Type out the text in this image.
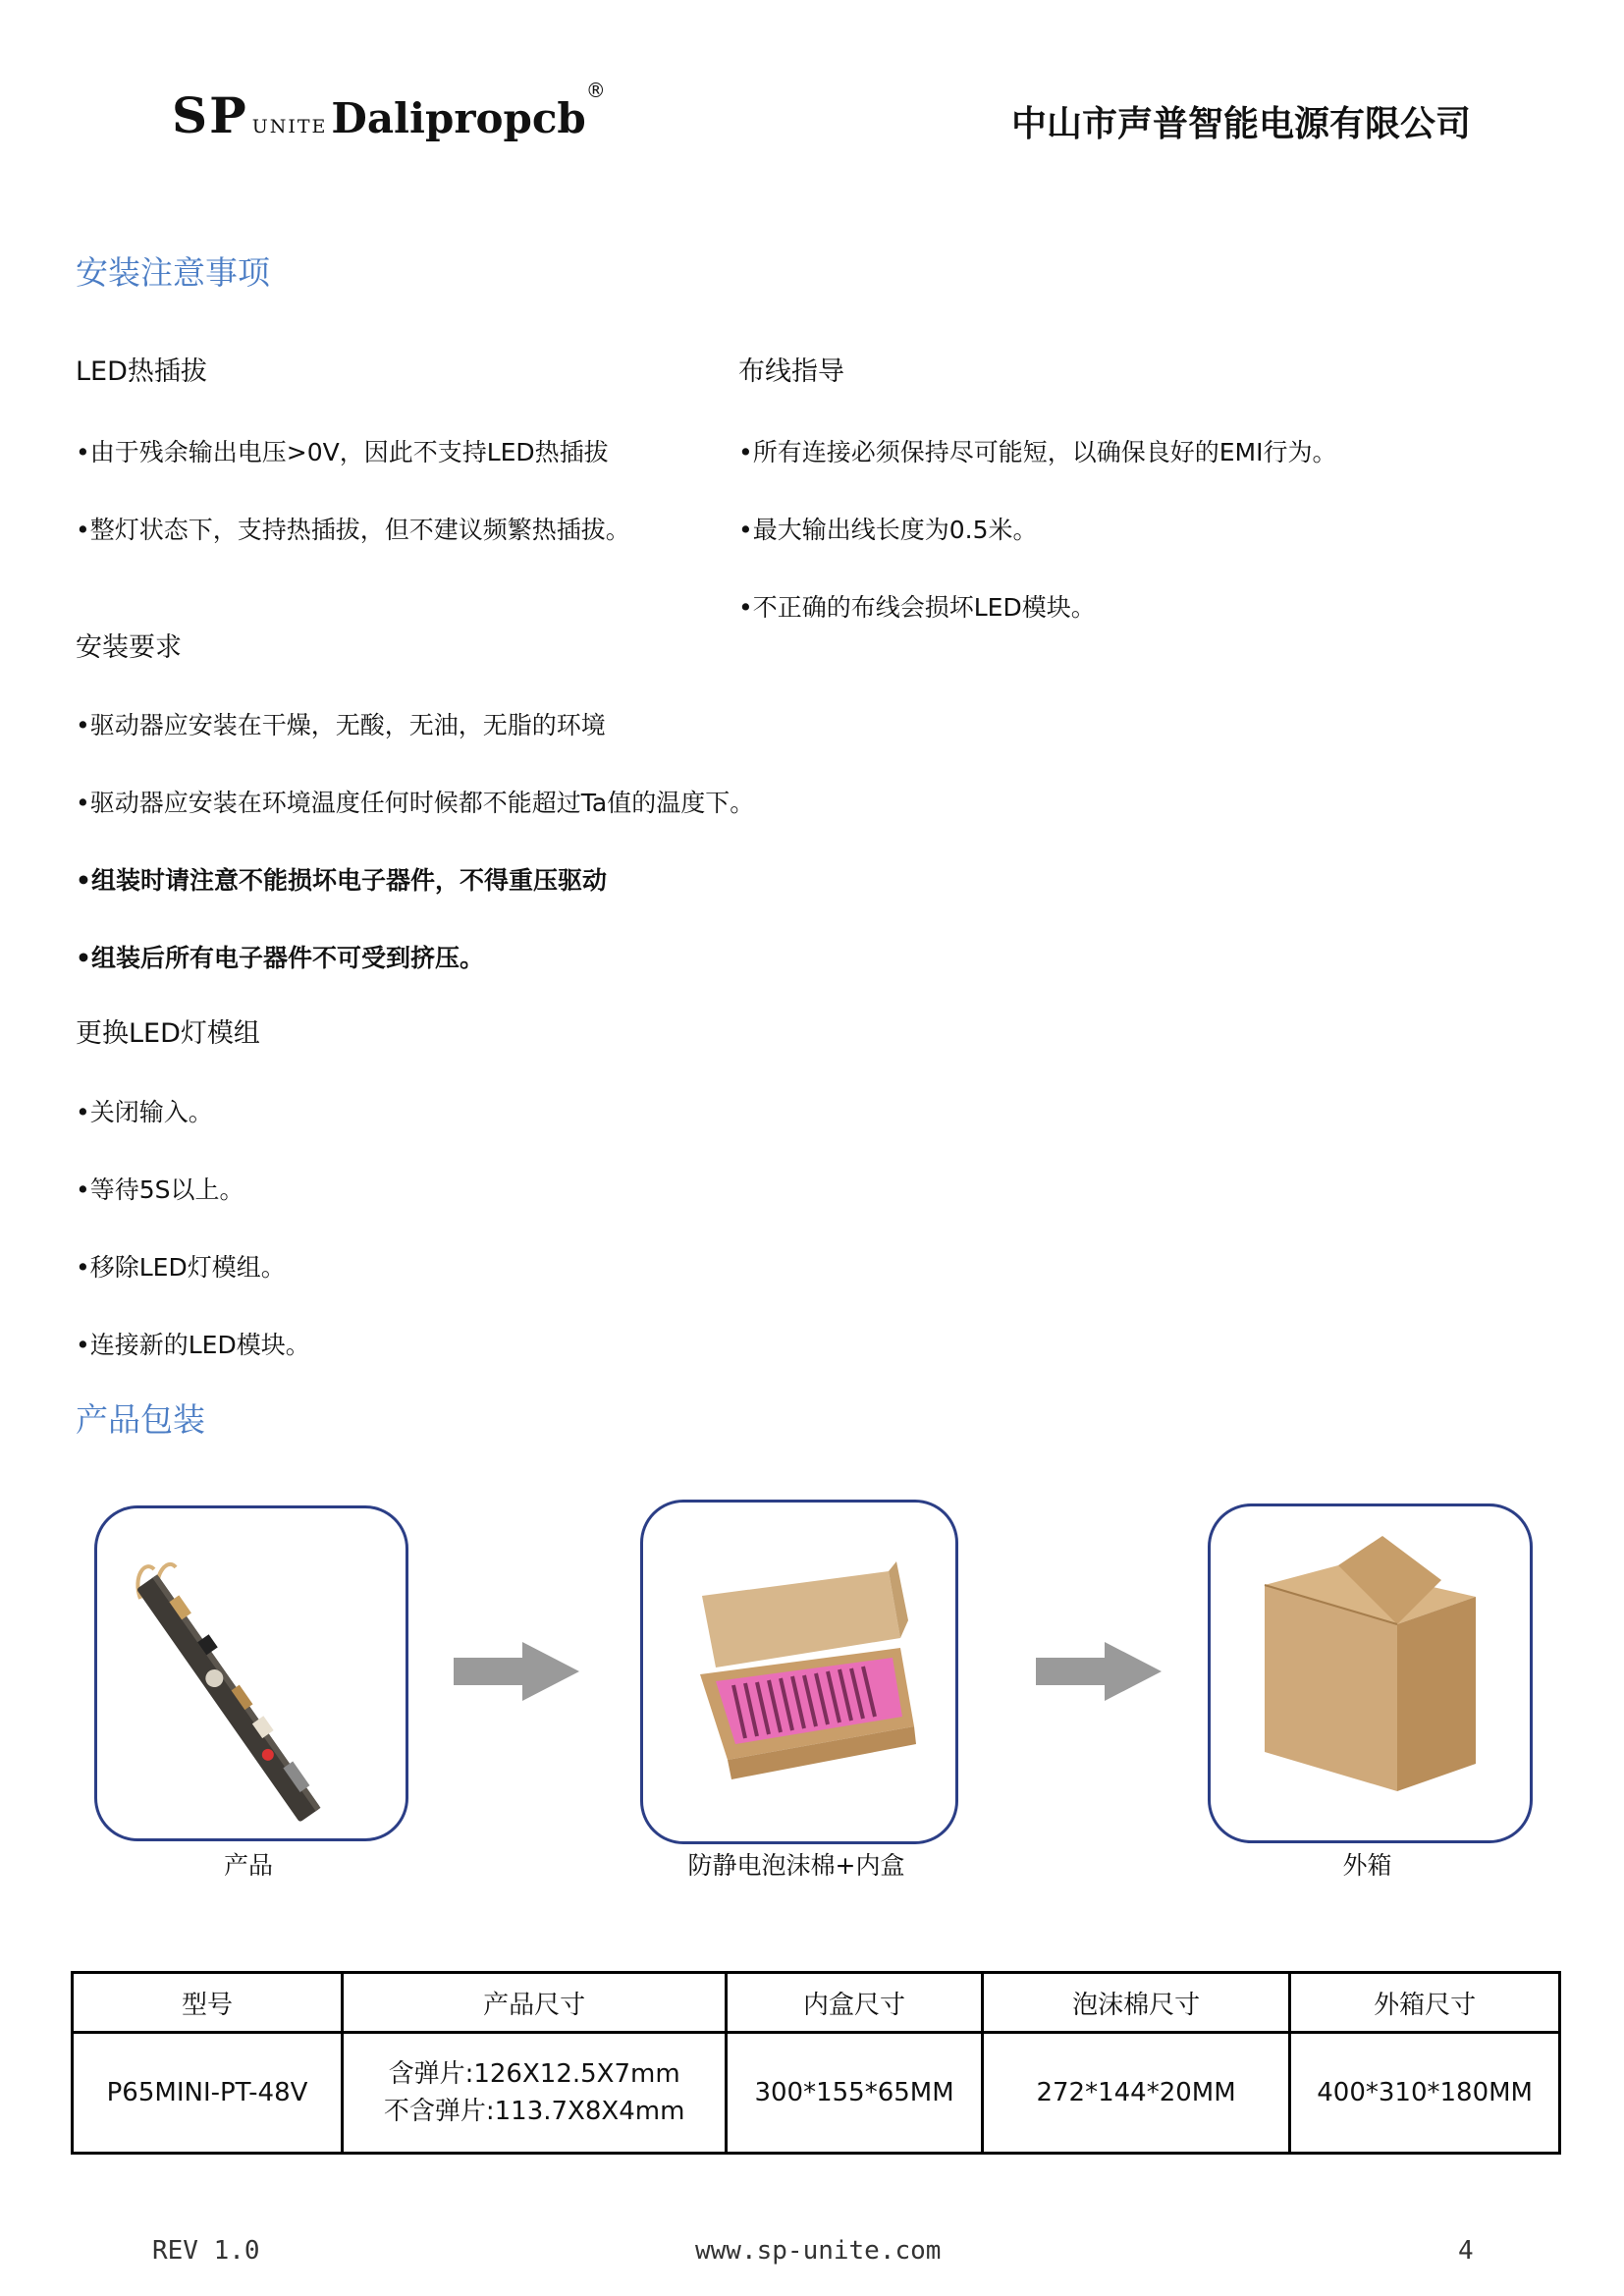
SP UNITEDalipropcb®
中山市声普智能电源有限公司
安装注意事项
LED热插拔
•由于残余输出电压>0V，因此不支持LED热插拔
•整灯状态下，支持热插拔，但不建议频繁热插拔。
布线指导
•所有连接必须保持尽可能短，以确保良好的EMI行为。
•最大输出线长度为0.5米。
•不正确的布线会损坏LED模块。
安装要求
•驱动器应安装在干燥，无酸，无油，无脂的环境
•驱动器应安装在环境温度任何时候都不能超过Ta值的温度下。
•组装时请注意不能损坏电子器件，不得重压驱动
•组装后所有电子器件不可受到挤压。
更换LED灯模组
•关闭输入。
•等待5S以上。
•移除LED灯模组。
•连接新的LED模块。
产品包装
产品	防静电泡沫棉+内盒	外箱
型号	产品尺寸	内盒尺寸	泡沫棉尺寸	外箱尺寸
P65MINI-PT-48V	含弹片:126X12.5X7mm
不含弹片:113.7X8X4mm	300*155*65MM	272*144*20MM	400*310*180MM
REV 1.0	www.sp-unite.com	4
